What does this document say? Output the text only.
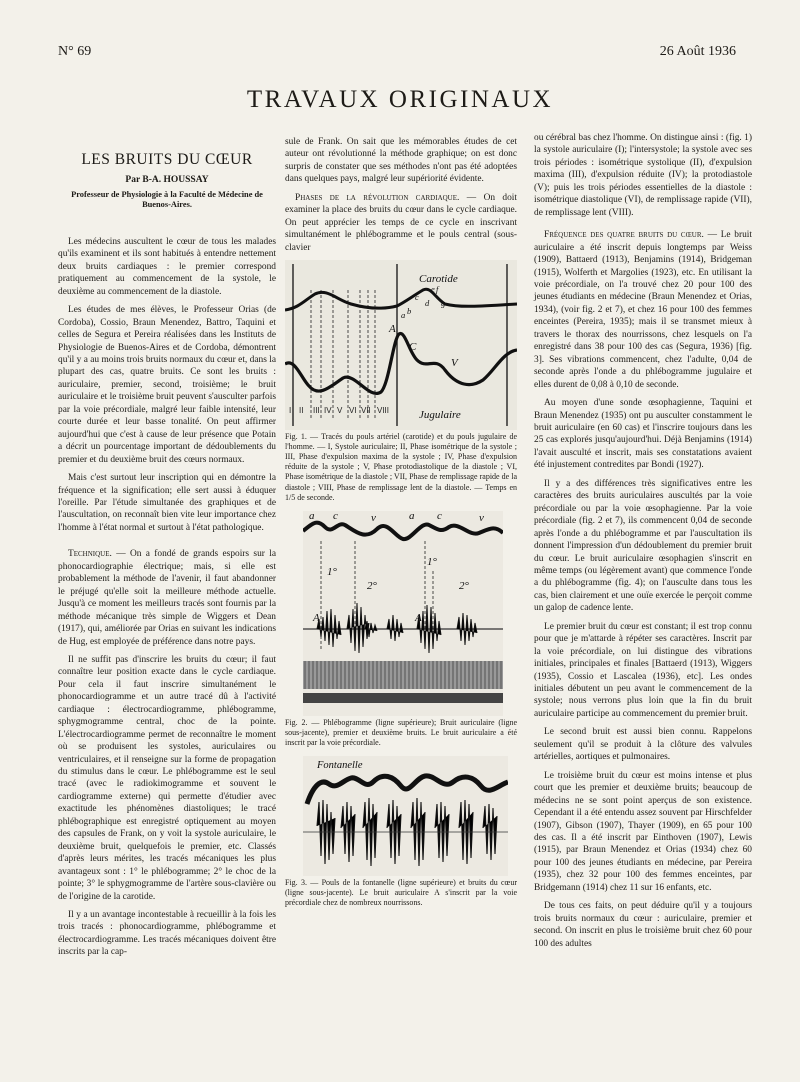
N° 69	26 Août 1936
TRAVAUX ORIGINAUX
LES BRUITS DU CŒUR
Par B-A. HOUSSAY
Professeur de Physiologie à la Faculté de Médecine de Buenos-Aires.

Les médecins auscultent le cœur de tous les malades qu'ils examinent et ils sont habitués à entendre nettement deux bruits cardiaques : le premier correspond pratiquement au commencement de la systole, le deuxième au commencement de la diastole.

Les études de mes élèves, le Professeur Orias (de Cordoba), Cossio, Braun Menendez, Battro, Taquini et celles de Segura et Pereira réalisées dans les Instituts de Physiologie de Buenos-Aires et de Cordoba, démontrent qu'il y a au moins trois bruits normaux du cœur et, dans la plupart des cas, quatre bruits. Ce sont les bruits : auriculaire, premier, second, troisième; le bruit auriculaire et le troisième bruit peuvent s'ausculter parfois par la voie précordiale, malgré leur faible intensité, leur courte durée et leur basse tonalité. On peut affirmer aujourd'hui que c'est à cause de leur présence que Potain a décrit un pourcentage important de dédoublements du premier et du deuxième bruit des cœurs normaux.

Mais c'est surtout leur inscription qui en démontre la fréquence et la signification; elle sert aussi à éduquer l'oreille. Par l'étude simultanée des graphiques et de l'auscultation, on reconnaît bien vite leur importance chez l'homme à l'état normal et surtout à l'état pathologique.

Technique. — On a fondé de grands espoirs sur la phonocardiographie électrique; mais, si elle est probablement la méthode de l'avenir, il faut abandonner le préjugé qu'elle soit la meilleure méthode actuelle. Jusqu'à ce moment les meilleurs tracés sont fournis par la méthode mécanique très simple de Wiggers et Dean (1917), qui, améliorée par Orias en suivant les indications de Hug, est employée de préférence dans notre pays.

Il ne suffit pas d'inscrire les bruits du cœur; il faut connaître leur position exacte dans le cycle cardiaque. Pour cela il faut inscrire simultanément le phonocardiogramme et un autre tracé dû à l'activité cardiaque : électrocardiogramme, phlébogramme, sphygmogramme central, choc de la pointe. L'électrocardiogramme permet de reconnaître le moment où se produisent les systoles, auriculaires ou ventriculaires, et il renseigne sur la forme de propagation du stimulus dans le cœur. Le phlébogramme est le seul tracé (avec le radiokimogramme et souvent le cardiogramme externe) qui permette d'étudier avec exactitude les phénomènes diastoliques; le tracé phlébographique est enregistré optiquement au moyen des capsules de Frank, on y voit la systole auriculaire, le deuxième bruit, quelquefois le premier, etc. Classés d'après leurs mérites, les tracés mécaniques les plus avantageux sont : 1° le phlébogramme; 2° le choc de la pointe; 3° le sphygmogramme de l'artère sous-clavière ou de l'origine de la carotide.

Il y a un avantage incontestable à recueillir à la fois les trois tracés : phonocardiogramme, phlébogramme et électrocardiogramme. Les tracés mécaniques doivent être inscrits par la cap-

sule de Frank. On sait que les mémorables études de cet auteur ont révolutionné la méthode graphique; on est donc surpris de constater que ses méthodes n'ont pas été adoptées dans quelques pays, malgré leur supériorité évidente.

Phases de la révolution cardiaque. — On doit examiner la place des bruits du cœur dans le cycle cardiaque. On peut apprécier les temps de ce cycle en inscrivant simultanément le phlébogramme et le pouls central (sous-clavier

I II III IV V VI VII VIII
Carotide
Jugulaire
a b
c
d
e f
g
A
C
V
Fig. 1. — Tracés du pouls artériel (carotide) et du pouls jugulaire de l'homme. — I, Systole auriculaire; II, Phase isométrique de la systole ; III, Phase d'expulsion maxima de la systole ; IV, Phase d'expulsion réduite de la systole ; V, Phase protodiastolique de la diastole ; VI, Phase isométrique de la diastole ; VII, Phase de remplissage rapide de la diastole ; VIII, Phase de remplissage lent de la diastole. — Temps en 1/5 de seconde.
a c	v	a c	v
1°
2°
1°
2°
A	A
Fig. 2. — Phlébogramme (ligne supérieure); Bruit auriculaire (ligne sous-jacente), premier et deuxième bruits. Le bruit auriculaire a été inscrit par la voie précordiale.
Fontanelle
Fig. 3. — Pouls de la fontanelle (ligne supérieure) et bruits du cœur (ligne sous-jacente). Le bruit auriculaire A s'inscrit par la voie précordiale chez de nombreux nourrissons.

ou cérébral bas chez l'homme. On distingue ainsi : (fig. 1) la systole auriculaire (I); l'intersystole; la systole avec ses trois périodes : isométrique systolique (II), d'expulsion maxima (III), d'expulsion réduite (IV); la protodiastole (V); puis les trois périodes essentielles de la diastole : isométrique diastolique (VI), de remplissage rapide (VII), de remplissage lent (VIII).

Fréquence des quatre bruits du cœur. — Le bruit auriculaire a été inscrit depuis longtemps par Weiss (1909), Battaerd (1913), Benjamins (1914), Bridgeman (1915), Wolferth et Margolies (1923), etc. En utilisant la voie précordiale, on l'a trouvé chez 20 pour 100 des jeunes étudiants en médecine (Braun Menendez et Orias, 1934), (voir fig. 2 et 7), et chez 16 pour 100 des femmes enceintes (Pereira, 1935); mais il se transmet mieux à travers le thorax des nourrissons, chez lesquels on l'a enregistré dans 38 pour 100 des cas (Segura, 1936) [fig. 3]. Ses vibrations commencent, chez l'adulte, 0,04 de seconde après l'onde a du phlébogramme jugulaire et elles durent de 0,08 à 0,10 de seconde.

Au moyen d'une sonde œsophagienne, Taquini et Braun Menendez (1935) ont pu ausculter constamment le bruit auriculaire (en 60 cas) et l'inscrire toujours dans les 25 cas explorés jusqu'aujourd'hui. Déjà Benjamins (1914) l'avait ausculté et inscrit, mais ses constatations avaient été injustement contredites par Bondi (1927).

Il y a des différences très significatives entre les caractères des bruits auriculaires auscultés par la voie précordiale ou par la voie œsophagienne. Par la voie précordiale (fig. 2 et 7), ils commencent 0,04 de seconde après l'onde a du phlébogramme et par l'auscultation ils donnent l'impression d'un dédoublement du premier bruit du cœur. Le bruit auriculaire œsophagien s'inscrit en même temps (ou légèrement avant) que commence l'onde a du phlébogramme (fig. 4); on l'ausculte dans tous les cas, bien clairement et une ouïe exercée le perçoit comme un galop de cadence lente.

Le premier bruit du cœur est constant; il est trop connu pour que je m'attarde à répéter ses caractères. Inscrit par la voie précordiale, on lui distingue des vibrations initiales, principales et finales [Battaerd (1913), Wiggers (1935), Cossio et Lascalea (1936), etc]. Les ondes initiales débutent un peu avant le commencement de la systole; nous verrons plus loin que la fin du bruit auriculaire participe au commencement du premier bruit.

Le second bruit est aussi bien connu. Rappelons seulement qu'il se produit à la clôture des valvules artérielles, aortiques et pulmonaires.

Le troisième bruit du cœur est moins intense et plus court que les premier et deuxième bruits; beaucoup de médecins ne se sont point aperçus de son existence. Cependant il a été entendu assez souvent par Hirschfelder (1907), Gibson (1907), Thayer (1909), en 65 pour 100 des cas. Il a été inscrit par Einthoven (1907), Lewis (1915), par Braun Menendez et Orias (1934) chez 60 pour 100 des jeunes étudiants en médecine, par Pereira (1935), chez 32 pour 100 des femmes enceintes, par Bridgemann (1914) chez 11 sur 16 enfants, etc.

De tous ces faits, on peut déduire qu'il y a toujours trois bruits normaux du cœur : auriculaire, premier et second. On inscrit en plus le troisième bruit chez 60 pour 100 des adultes
